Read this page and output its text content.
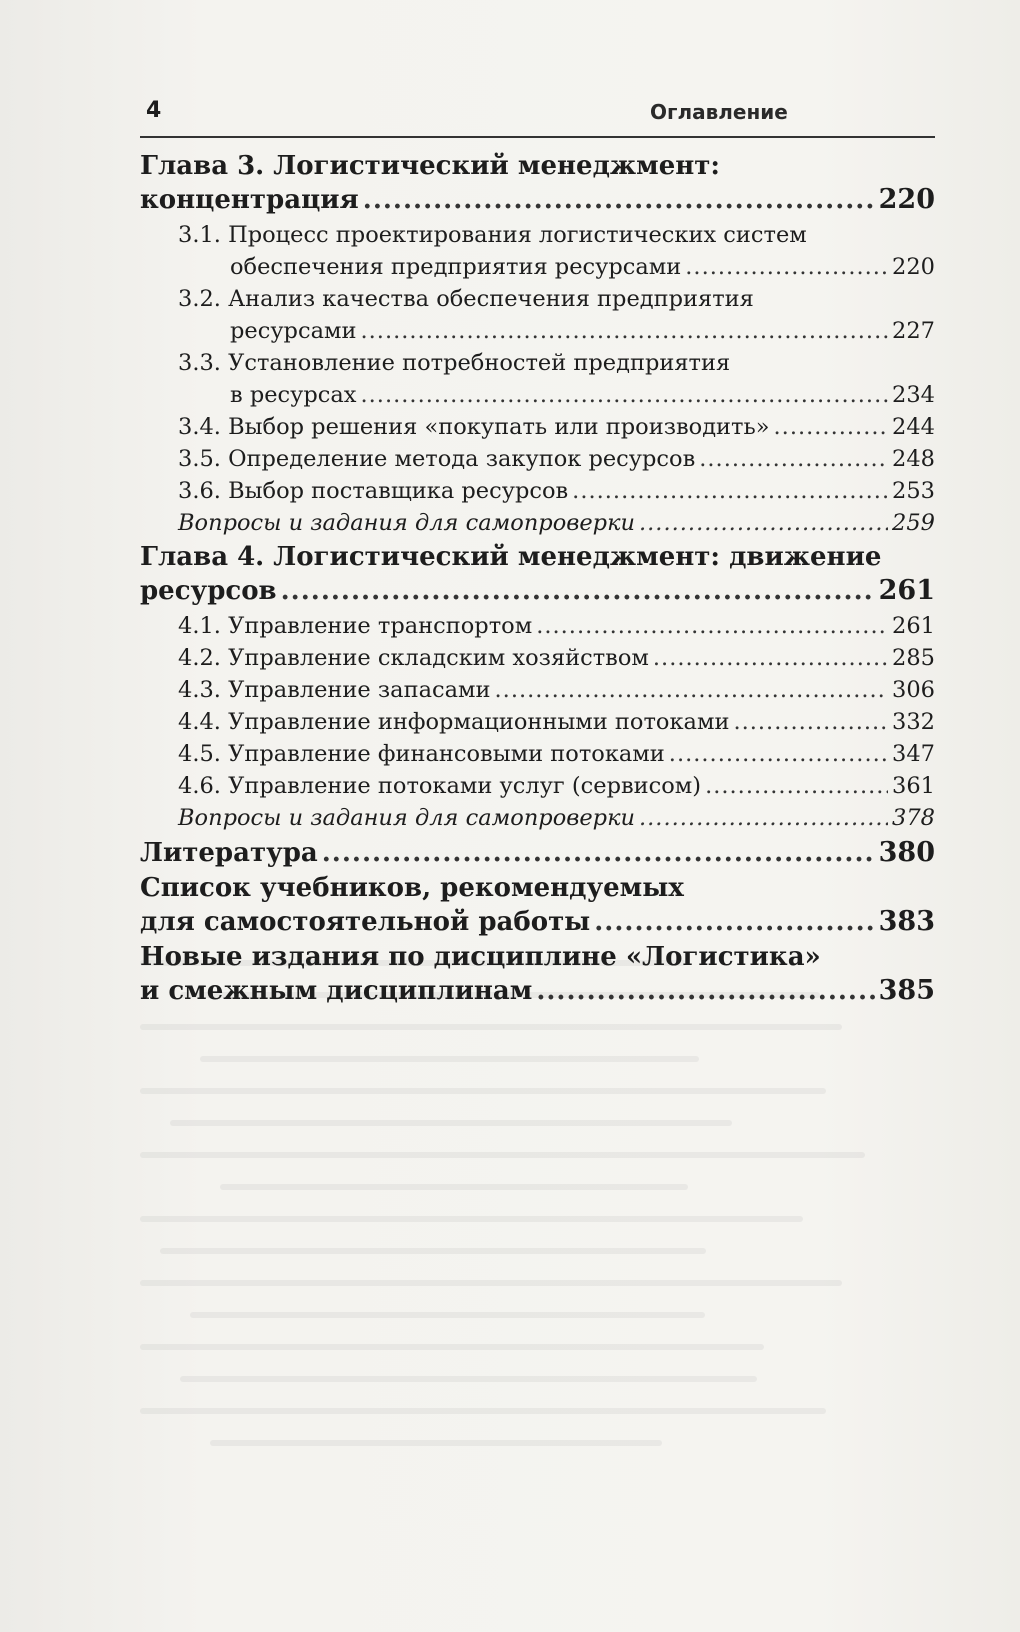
4	Оглавление
Глава 3. Логистический менеджмент:
концентрация .....	220
3.1. Процесс проектирования логистических систем
обеспечения предприятия ресурсами .....	220
3.2. Анализ качества обеспечения предприятия
ресурсами .....	227
3.3. Установление потребностей предприятия
в ресурсах .....	234
3.4. Выбор решения «покупать или производить» .....	244
3.5. Определение метода закупок ресурсов .....	248
3.6. Выбор поставщика ресурсов .....	253
Вопросы и задания для самопроверки .....	259
Глава 4. Логистический менеджмент: движение
ресурсов .....	261
4.1. Управление транспортом .....	261
4.2. Управление складским хозяйством .....	285
4.3. Управление запасами .....	306
4.4. Управление информационными потоками .....	332
4.5. Управление финансовыми потоками .....	347
4.6. Управление потоками услуг (сервисом) .....	361
Вопросы и задания для самопроверки .....	378
Литература .....	380
Список учебников, рекомендуемых
для самостоятельной работы .....	383
Новые издания по дисциплине «Логистика»
и смежным дисциплинам .....	385
